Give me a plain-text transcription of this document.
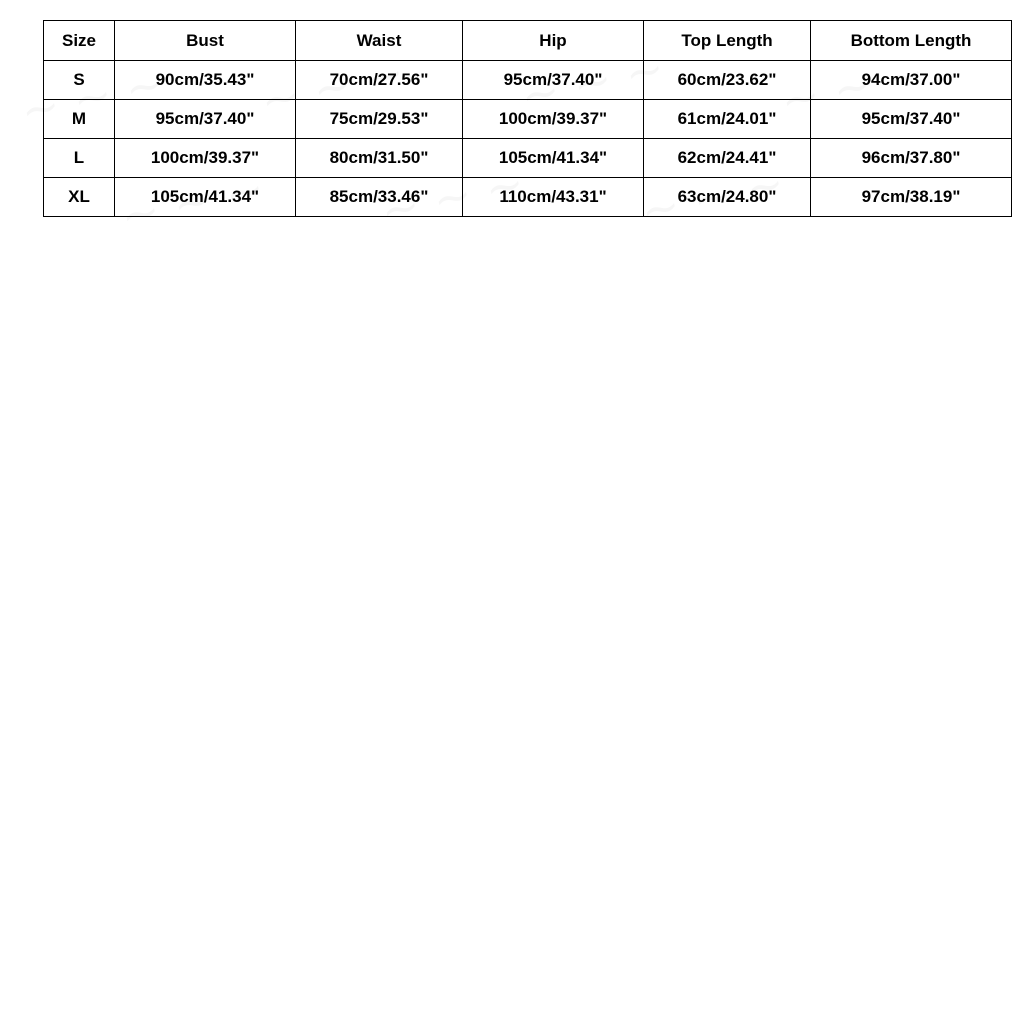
Size	Bust	Waist	Hip	Top Length	Bottom Length
S	90cm/35.43"	70cm/27.56"	95cm/37.40"	60cm/23.62"	94cm/37.00"
M	95cm/37.40"	75cm/29.53"	100cm/39.37"	61cm/24.01"	95cm/37.40"
L	100cm/39.37"	80cm/31.50"	105cm/41.34"	62cm/24.41"	96cm/37.80"
XL	105cm/41.34"	85cm/33.46"	110cm/43.31"	63cm/24.80"	97cm/38.19"
